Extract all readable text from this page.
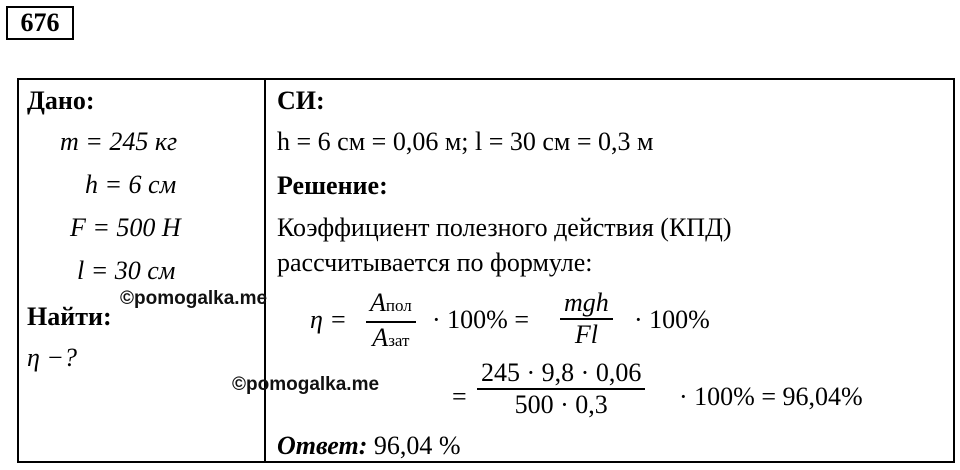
676
Дано:
m = 245 кг
h = 6 см
F = 500 Н
l = 30 см
Найти:
η −?
СИ:
h = 6 см = 0,06 м; l = 30 см = 0,3 м
Решение:
Коэффициент полезного действия (КПД)
рассчитывается по формуле:
η =
Aпол
Aзат
· 100% =
mgh
Fl
· 100%
=
245 · 9,8 · 0,06
500 · 0,3	· 100% = 96,04%
Ответ: 96,04 %
©pomogalka.me
©pomogalka.me
